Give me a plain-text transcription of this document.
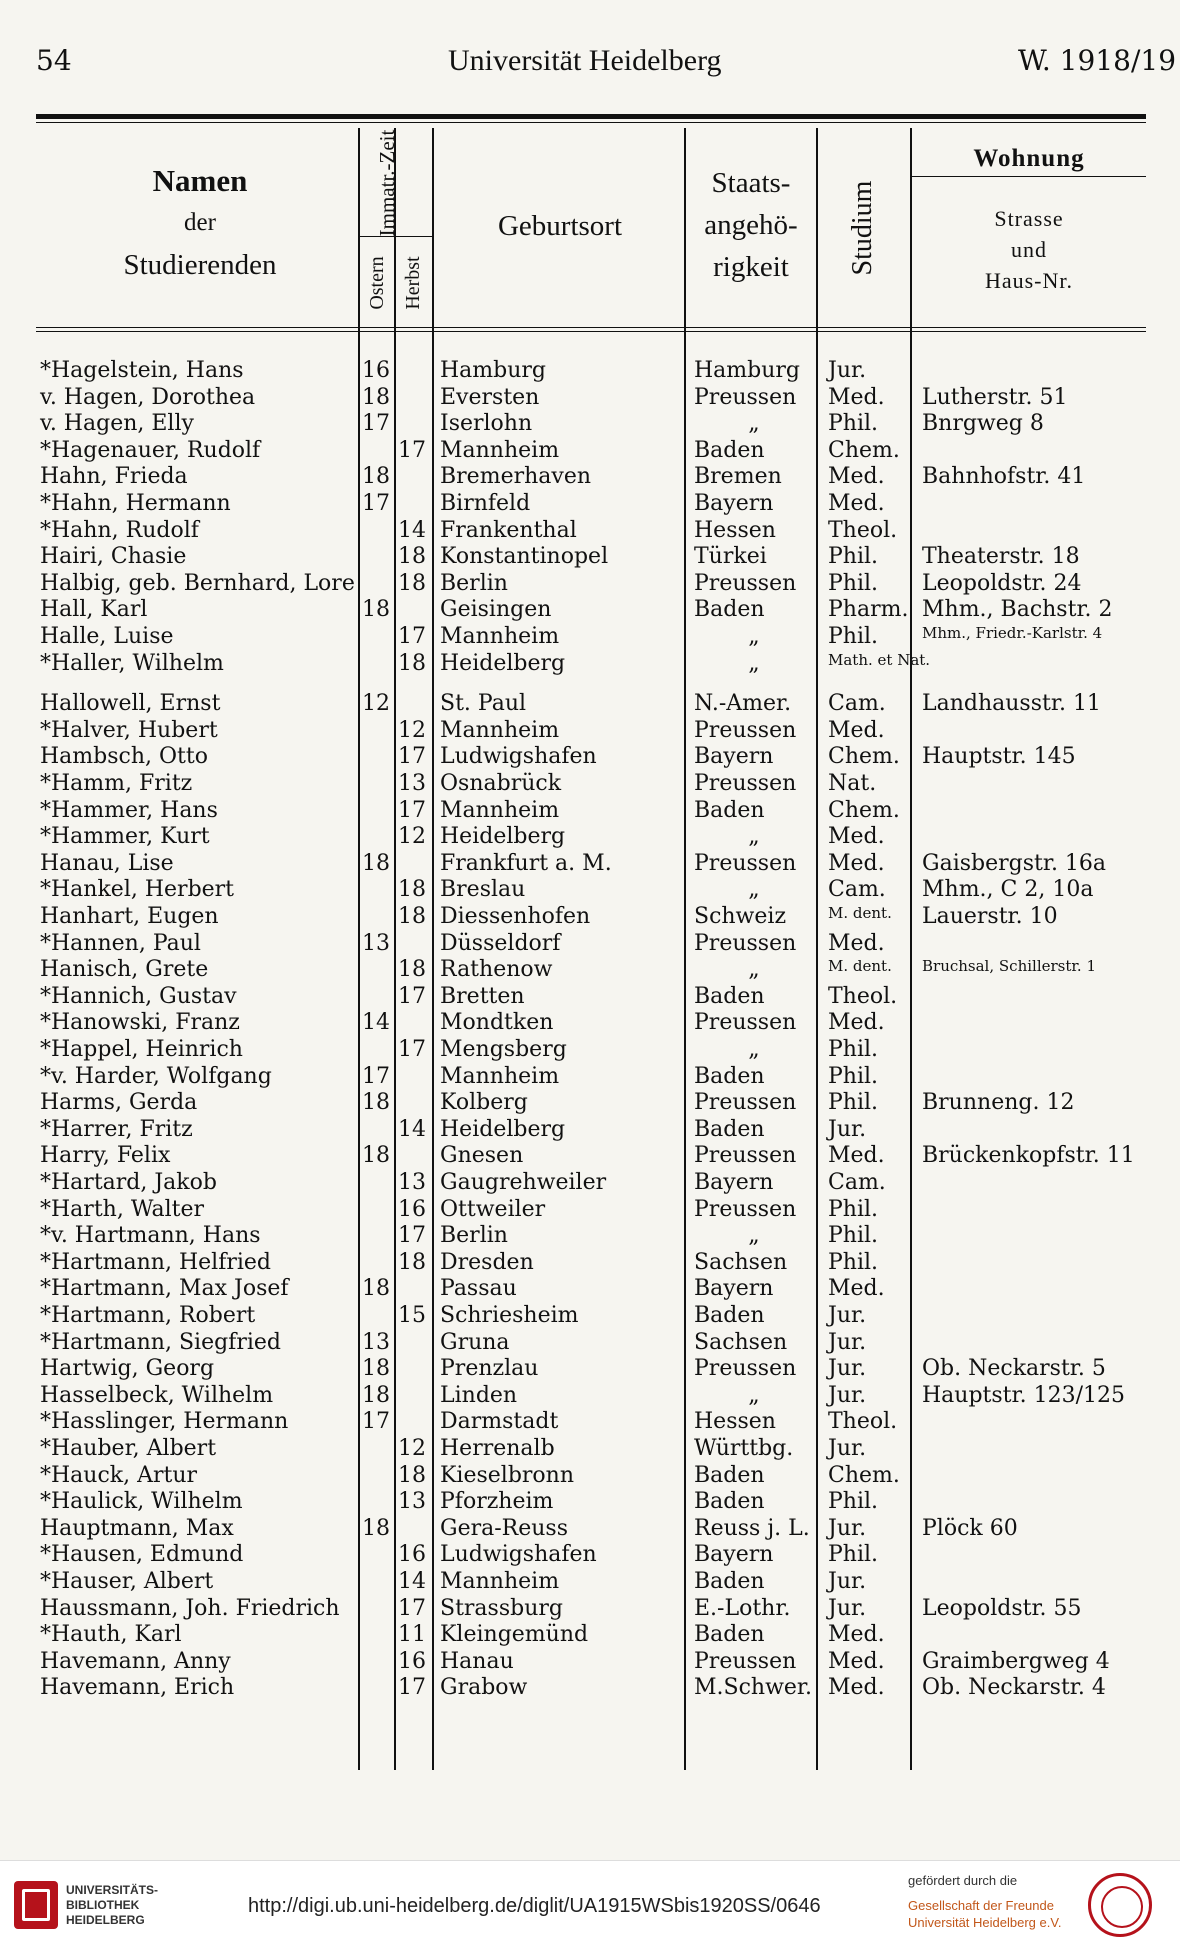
54	Universität Heidelberg	W. 1918/19
Namen
der
Studierenden
Immatr.-Zeit
Ostern Herbst
Geburtsort
Staats-
angehö-
rigkeit	Studium
Wohnung
Strasse
und
Haus-Nr.
*Hagelstein, Hans	16 Hamburg	Hamburg	Jur.
v. Hagen, Dorothea	18 Eversten	Preussen	Med.	Lutherstr. 51
v. Hagen, Elly	17 Iserlohn	„	Phil.	Bnrgweg 8
*Hagenauer, Rudolf	17 Mannheim	Baden	Chem.
Hahn, Frieda	18 Bremerhaven	Bremen	Med.	Bahnhofstr. 41
*Hahn, Hermann	17 Birnfeld	Bayern	Med.
*Hahn, Rudolf	14 Frankenthal	Hessen	Theol.
Hairi, Chasie	18 Konstantinopel	Türkei	Phil.	Theaterstr. 18
Halbig, geb. Bernhard, Lore	18 Berlin	Preussen	Phil.	Leopoldstr. 24
Hall, Karl	18 Geisingen	Baden	Pharm. Mhm., Bachstr. 2
Halle, Luise	17 Mannheim	„	Phil.	Mhm., Friedr.-Karlstr. 4
*Haller, Wilhelm	18 Heidelberg	„	Math. et Nat.
Hallowell, Ernst	12 St. Paul	N.-Amer.	Cam.	Landhausstr. 11
*Halver, Hubert	12 Mannheim	Preussen	Med.
Hambsch, Otto	17 Ludwigshafen	Bayern	Chem.	Hauptstr. 145
*Hamm, Fritz	13 Osnabrück	Preussen	Nat.
*Hammer, Hans	17 Mannheim	Baden	Chem.
*Hammer, Kurt	12 Heidelberg	„	Med.
Hanau, Lise	18 Frankfurt a. M.	Preussen	Med.	Gaisbergstr. 16a
*Hankel, Herbert	18 Breslau	„	Cam.	Mhm., C 2, 10a
Hanhart, Eugen	18 Diessenhofen	Schweiz	M. dent.	Lauerstr. 10
*Hannen, Paul	13 Düsseldorf	Preussen	Med.
Hanisch, Grete	18 Rathenow	„	M. dent.	Bruchsal, Schillerstr. 1
*Hannich, Gustav	17 Bretten	Baden	Theol.
*Hanowski, Franz	14 Mondtken	Preussen	Med.
*Happel, Heinrich	17 Mengsberg	„	Phil.
*v. Harder, Wolfgang	17 Mannheim	Baden	Phil.
Harms, Gerda	18 Kolberg	Preussen	Phil.	Brunneng. 12
*Harrer, Fritz	14 Heidelberg	Baden	Jur.
Harry, Felix	18 Gnesen	Preussen	Med.	Brückenkopfstr. 11
*Hartard, Jakob	13 Gaugrehweiler	Bayern	Cam.
*Harth, Walter	16 Ottweiler	Preussen	Phil.
*v. Hartmann, Hans	17 Berlin	„	Phil.
*Hartmann, Helfried	18 Dresden	Sachsen	Phil.
*Hartmann, Max Josef	18 Passau	Bayern	Med.
*Hartmann, Robert	15 Schriesheim	Baden	Jur.
*Hartmann, Siegfried	13 Gruna	Sachsen	Jur.
Hartwig, Georg	18 Prenzlau	Preussen	Jur.	Ob. Neckarstr. 5
Hasselbeck, Wilhelm	18 Linden	„	Jur.	Hauptstr. 123/125
*Hasslinger, Hermann	17 Darmstadt	Hessen	Theol.
*Hauber, Albert	12 Herrenalb	Württbg.	Jur.
*Hauck, Artur	18 Kieselbronn	Baden	Chem.
*Haulick, Wilhelm	13 Pforzheim	Baden	Phil.
Hauptmann, Max	18 Gera-Reuss	Reuss j. L. Jur.	Plöck 60
*Hausen, Edmund	16 Ludwigshafen	Bayern	Phil.
*Hauser, Albert	14 Mannheim	Baden	Jur.
Haussmann, Joh. Friedrich	17 Strassburg	E.-Lothr.	Jur.	Leopoldstr. 55
*Hauth, Karl	11 Kleingemünd	Baden	Med.
Havemann, Anny	16 Hanau	Preussen	Med.	Graimbergweg 4
Havemann, Erich	17 Grabow	M.Schwer. Med.	Ob. Neckarstr. 4
UNIVERSITÄTS-
BIBLIOTHEK
HEIDELBERG
http://digi.ub.uni-heidelberg.de/diglit/UA1915WSbis1920SS/0646
gefördert durch die
Gesellschaft der Freunde
Universität Heidelberg e.V.
